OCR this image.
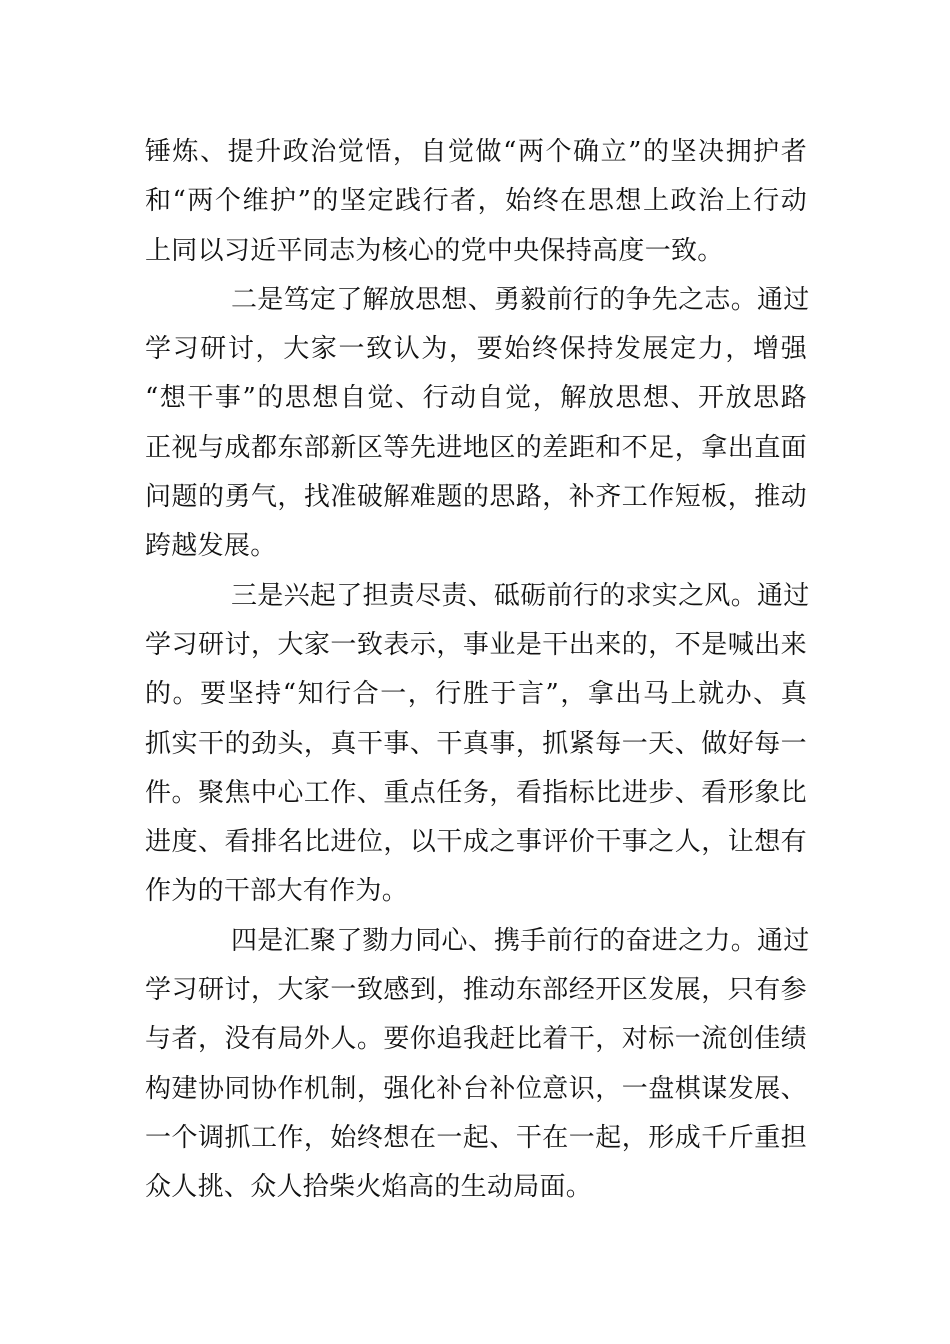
锤炼、提升政治觉悟，自觉做“两个确立”的坚决拥护者
和“两个维护”的坚定践行者，始终在思想上政治上行动
上同以习近平同志为核心的党中央保持高度一致。
二是笃定了解放思想、勇毅前行的争先之志。通过
学习研讨，大家一致认为，要始终保持发展定力，增强
“想干事”的思想自觉、行动自觉，解放思想、开放思路
正视与成都东部新区等先进地区的差距和不足，拿出直面
问题的勇气，找准破解难题的思路，补齐工作短板，推动
跨越发展。
三是兴起了担责尽责、砥砺前行的求实之风。通过
学习研讨，大家一致表示，事业是干出来的，不是喊出来
的。要坚持“知行合一，行胜于言”，拿出马上就办、真
抓实干的劲头，真干事、干真事，抓紧每一天、做好每一
件。聚焦中心工作、重点任务，看指标比进步、看形象比
进度、看排名比进位，以干成之事评价干事之人，让想有
作为的干部大有作为。
四是汇聚了勠力同心、携手前行的奋进之力。通过
学习研讨，大家一致感到，推动东部经开区发展，只有参
与者，没有局外人。要你追我赶比着干，对标一流创佳绩
构建协同协作机制，强化补台补位意识，一盘棋谋发展、
一个调抓工作，始终想在一起、干在一起，形成千斤重担
众人挑、众人拾柴火焰高的生动局面。
